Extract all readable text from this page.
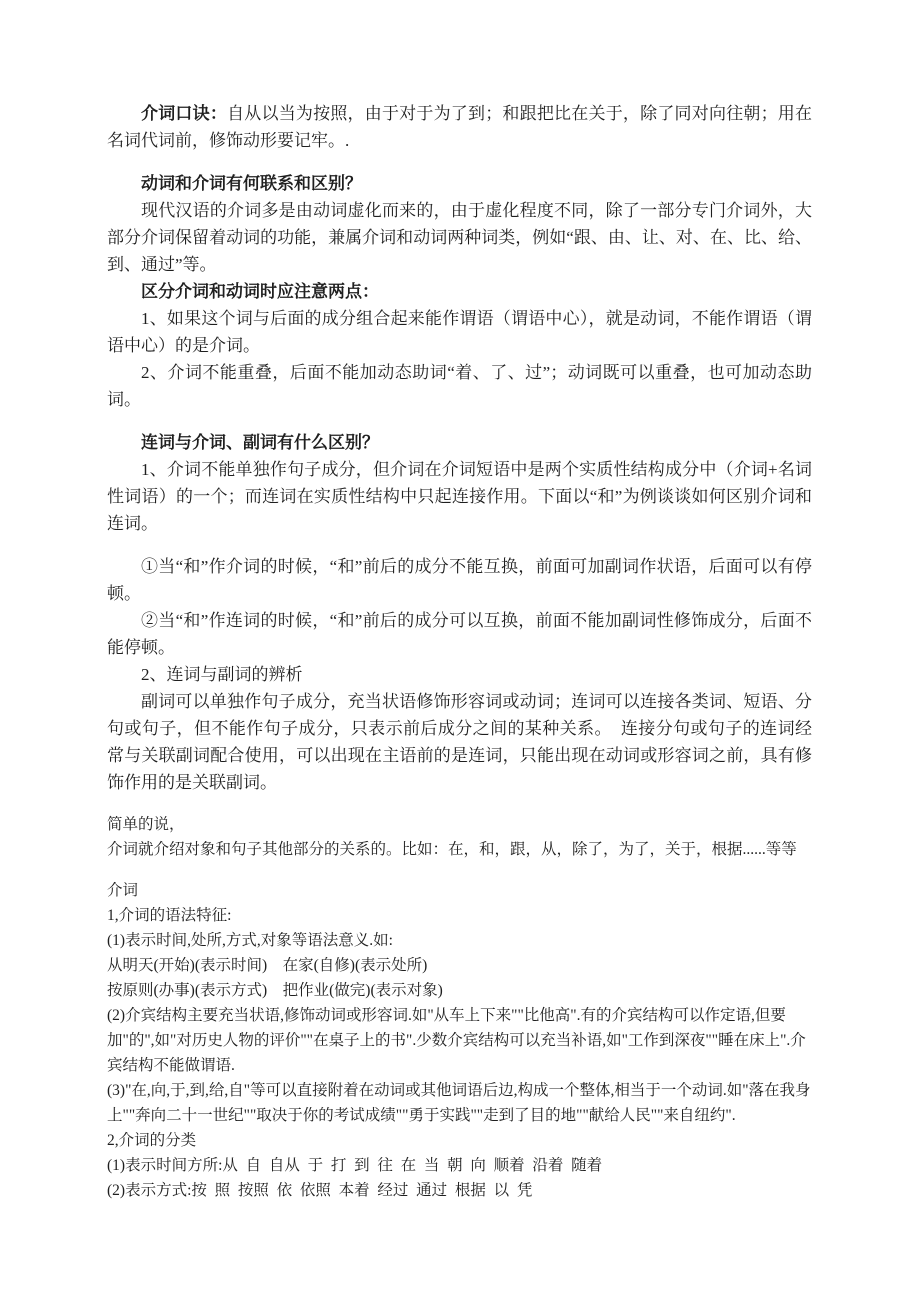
介词口诀：自从以当为按照，由于对于为了到；和跟把比在关于，除了同对向往朝；用在名词代词前，修饰动形要记牢。.

动词和介词有何联系和区别？

现代汉语的介词多是由动词虚化而来的，由于虚化程度不同，除了一部分专门介词外，大部分介词保留着动词的功能，兼属介词和动词两种词类，例如“跟、由、让、对、在、比、给、到、通过”等。

区分介词和动词时应注意两点：

1、如果这个词与后面的成分组合起来能作谓语（谓语中心），就是动词，不能作谓语（谓语中心）的是介词。

2、介词不能重叠，后面不能加动态助词“着、了、过”；动词既可以重叠，也可加动态助词。

连词与介词、副词有什么区别？

1、介词不能单独作句子成分，但介词在介词短语中是两个实质性结构成分中（介词+名词性词语）的一个；而连词在实质性结构中只起连接作用。下面以“和”为例谈谈如何区别介词和连词。

①当“和”作介词的时候，“和”前后的成分不能互换，前面可加副词作状语，后面可以有停顿。

②当“和”作连词的时候，“和”前后的成分可以互换，前面不能加副词性修饰成分，后面不能停顿。

2、连词与副词的辨析

副词可以单独作句子成分，充当状语修饰形容词或动词；连词可以连接各类词、短语、分句或句子，但不能作句子成分，只表示前后成分之间的某种关系。　连接分句或句子的连词经常与关联副词配合使用，可以出现在主语前的是连词，只能出现在动词或形容词之前，具有修饰作用的是关联副词。

简单的说，

介词就介绍对象和句子其他部分的关系的。比如：在，和，跟，从，除了，为了，关于，根据......等等

介词

1,介词的语法特征:

(1)表示时间,处所,方式,对象等语法意义.如:

从明天(开始)(表示时间)　在家(自修)(表示处所)

按原则(办事)(表示方式)　把作业(做完)(表示对象)

(2)介宾结构主要充当状语,修饰动词或形容词.如"从车上下来""比他高".有的介宾结构可以作定语,但要加"的",如"对历史人物的评价""在桌子上的书".少数介宾结构可以充当补语,如"工作到深夜""睡在床上".介宾结构不能做谓语.

(3)"在,向,于,到,给,自"等可以直接附着在动词或其他词语后边,构成一个整体,相当于一个动词.如"落在我身上""奔向二十一世纪""取决于你的考试成绩""勇于实践""走到了目的地""献给人民""来自纽约".

2,介词的分类

(1)表示时间方所:从  自  自从  于  打  到  往  在  当  朝  向  顺着  沿着  随着

(2)表示方式:按  照  按照  依  依照  本着  经过  通过  根据  以  凭
